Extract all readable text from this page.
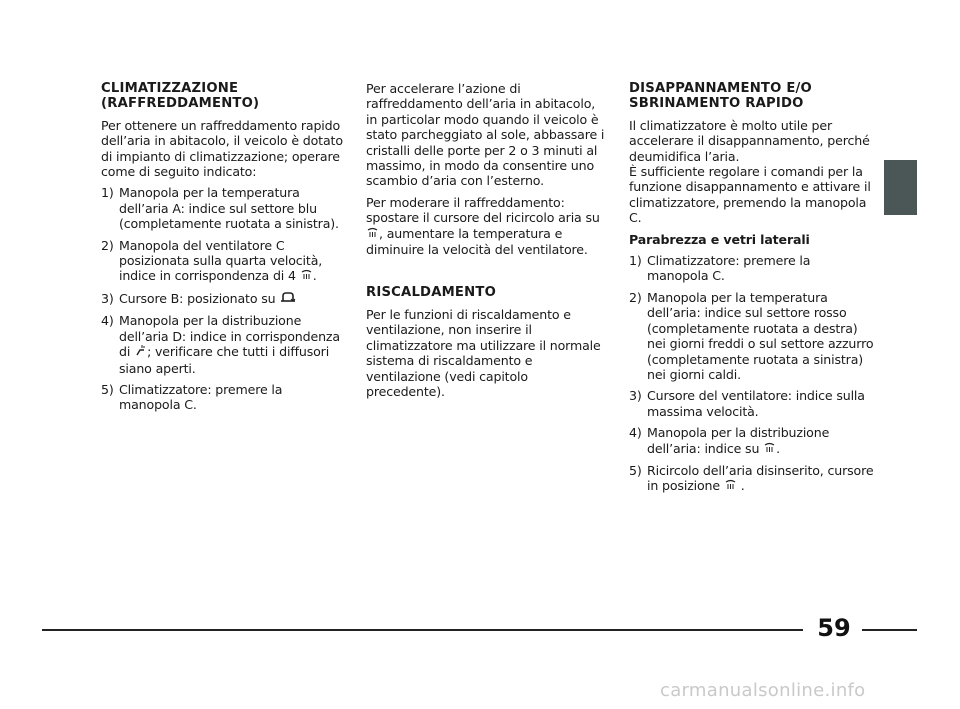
CLIMATIZZAZIONE (RAFFREDDAMENTO)

Per ottenere un raffreddamento rapido dell’aria in abitacolo, il veicolo è dotato di impianto di climatizzazione; operare come di seguito indicato:

1) Manopola per la temperatura dell’aria A: indice sul settore blu (completamente ruotata a sinistra).
2) Manopola del ventilatore C posizionata sulla quarta velocità, indice in corrispondenza di 4 .
3) Cursore B: posizionato su
4) Manopola per la distribuzione dell’aria D: indice in corrispondenza di ; verificare che tutti i diffusori siano aperti.
5) Climatizzatore: premere la manopola C.

Per accelerare l’azione di raffreddamento dell’aria in abitacolo, in particolar modo quando il veicolo è stato parcheggiato al sole, abbassare i cristalli delle porte per 2 o 3 minuti al massimo, in modo da consentire uno scambio d’aria con l’esterno.

Per moderare il raffreddamento: spostare il cursore del ricircolo aria su , aumentare la temperatura e diminuire la velocità del ventilatore.

RISCALDAMENTO

Per le funzioni di riscaldamento e ventilazione, non inserire il climatizzatore ma utilizzare il normale sistema di riscaldamento e ventilazione (vedi capitolo precedente).

DISAPPANNAMENTO E/O SBRINAMENTO RAPIDO

Il climatizzatore è molto utile per accelerare il disappannamento, perché deumidifica l’aria.
È sufficiente regolare i comandi per la funzione disappannamento e attivare il climatizzatore, premendo la manopola C.

Parabrezza e vetri laterali
1) Climatizzatore: premere la manopola C.
2) Manopola per la temperatura dell’aria: indice sul settore rosso (completamente ruotata a destra) nei giorni freddi o sul settore azzurro (completamente ruotata a sinistra) nei giorni caldi.
3) Cursore del ventilatore: indice sulla massima velocità.
4) Manopola per la distribuzione dell’aria: indice su .
5) Ricircolo dell’aria disinserito, cursore in posizione  .
59
carmanualsonline.info
